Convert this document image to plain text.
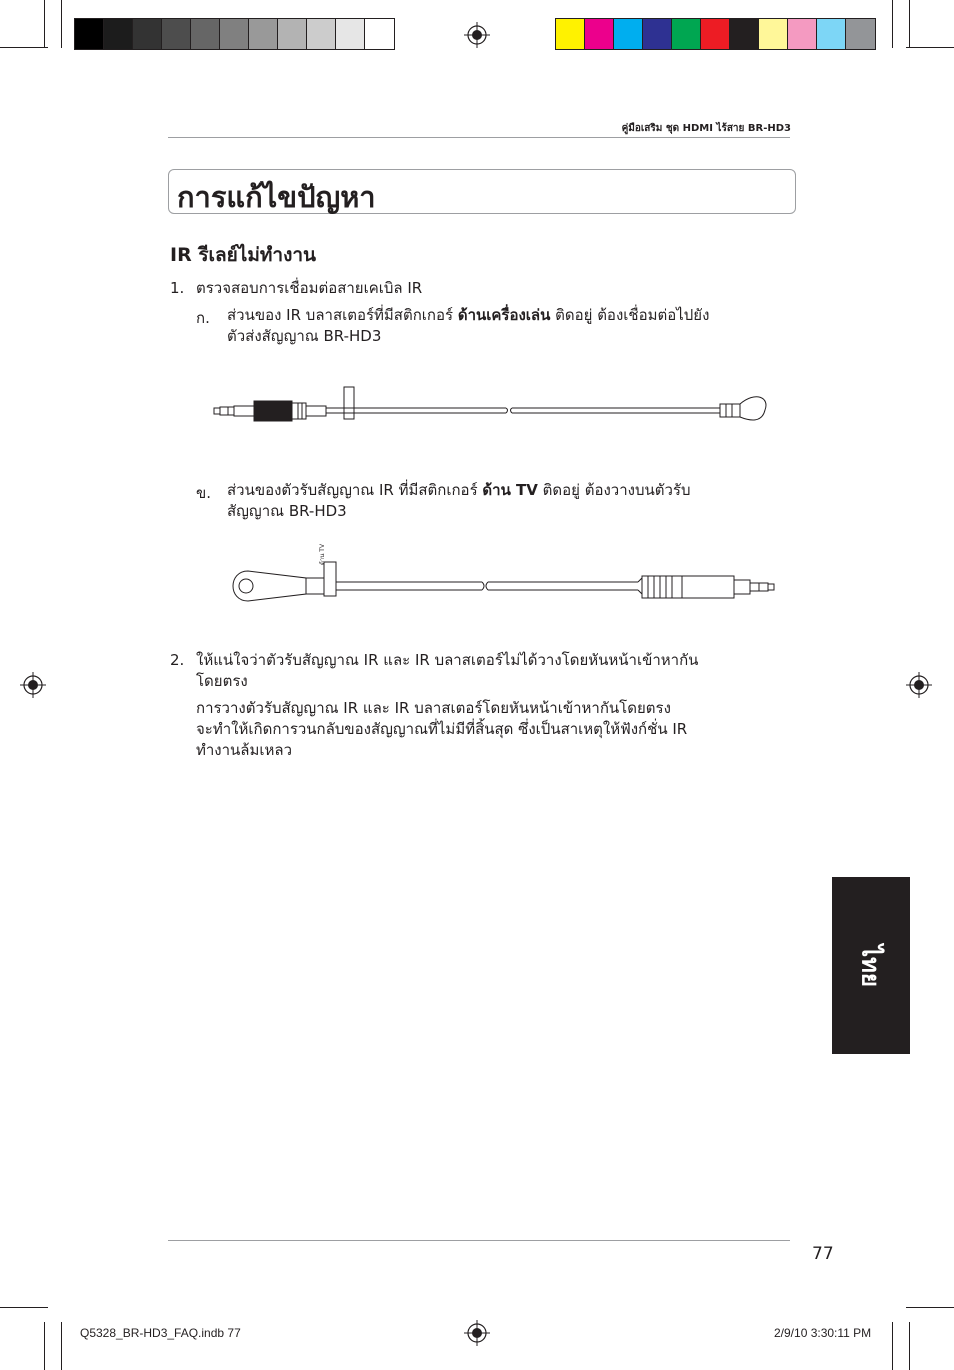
คู่มือเสริม ชุด HDMI ไร้สาย BR-HD3
การแก้ไขปัญหา
IR รีเลย์ไม่ทำงาน
1. ตรวจสอบการเชื่อมต่อสายเคเบิล IR
ก. ส่วนของ IR บลาสเตอร์ที่มีสติกเกอร์ ด้านเครื่องเล่น ติดอยู่ ต้องเชื่อมต่อไปยัง
ตัวส่งสัญญาณ BR-HD3
ข. ส่วนของตัวรับสัญญาณ IR ที่มีสติกเกอร์ ด้าน TV ติดอยู่ ต้องวางบนตัวรับ
สัญญาณ BR-HD3
ด้าน TV
2. ให้แน่ใจว่าตัวรับสัญญาณ IR และ IR บลาสเตอร์ไม่ได้วางโดยหันหน้าเข้าหากัน
โดยตรง
การวางตัวรับสัญญาณ IR และ IR บลาสเตอร์โดยหันหน้าเข้าหากันโดยตรง
จะทำให้เกิดการวนกลับของสัญญาณที่ไม่มีที่สิ้นสุด ซึ่งเป็นสาเหตุให้ฟังก์ชั่น IR
ทำงานล้มเหลว
ไทย
77
Q5328_BR-HD3_FAQ.indb 77	2/9/10 3:30:11 PM
